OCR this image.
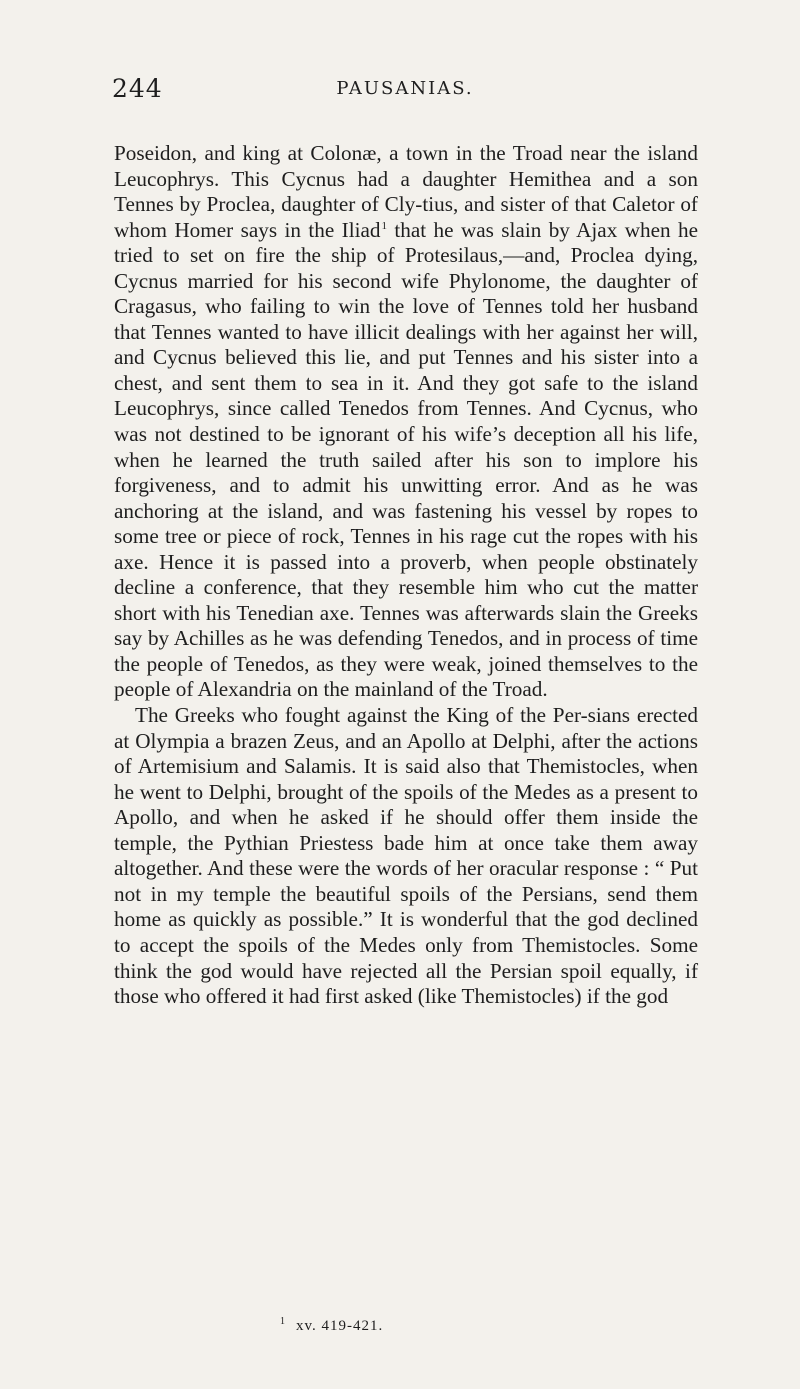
244	PAUSANIAS.

Poseidon, and king at Colonæ, a town in the Troad near the island Leucophrys. This Cycnus had a daughter Hemithea and a son Tennes by Proclea, daughter of Cly-tius, and sister of that Caletor of whom Homer says in the Iliad$^1$ that he was slain by Ajax when he tried to set on fire the ship of Protesilaus,—and, Proclea dying, Cycnus married for his second wife Phylonome, the daughter of Cragasus, who failing to win the love of Tennes told her husband that Tennes wanted to have illicit dealings with her against her will, and Cycnus believed this lie, and put Tennes and his sister into a chest, and sent them to sea in it. And they got safe to the island Leucophrys, since called Tenedos from Tennes. And Cycnus, who was not destined to be ignorant of his wife’s deception all his life, when he learned the truth sailed after his son to implore his forgiveness, and to admit his unwitting error. And as he was anchoring at the island, and was fastening his vessel by ropes to some tree or piece of rock, Tennes in his rage cut the ropes with his axe. Hence it is passed into a proverb, when people obstinately decline a conference, that they resemble him who cut the matter short with his Tenedian axe. Tennes was afterwards slain the Greeks say by Achilles as he was defending Tenedos, and in process of time the people of Tenedos, as they were weak, joined themselves to the people of Alexandria on the mainland of the Troad.

The Greeks who fought against the King of the Per-sians erected at Olympia a brazen Zeus, and an Apollo at Delphi, after the actions of Artemisium and Salamis. It is said also that Themistocles, when he went to Delphi, brought of the spoils of the Medes as a present to Apollo, and when he asked if he should offer them inside the temple, the Pythian Priestess bade him at once take them away altogether. And these were the words of her oracular response : “ Put not in my temple the beautiful spoils of the Persians, send them home as quickly as possible.” It is wonderful that the god declined to accept the spoils of the Medes only from Themistocles. Some think the god would have rejected all the Persian spoil equally, if those who offered it had first asked (like Themistocles) if the god

$^1$ xv. 419-421.
